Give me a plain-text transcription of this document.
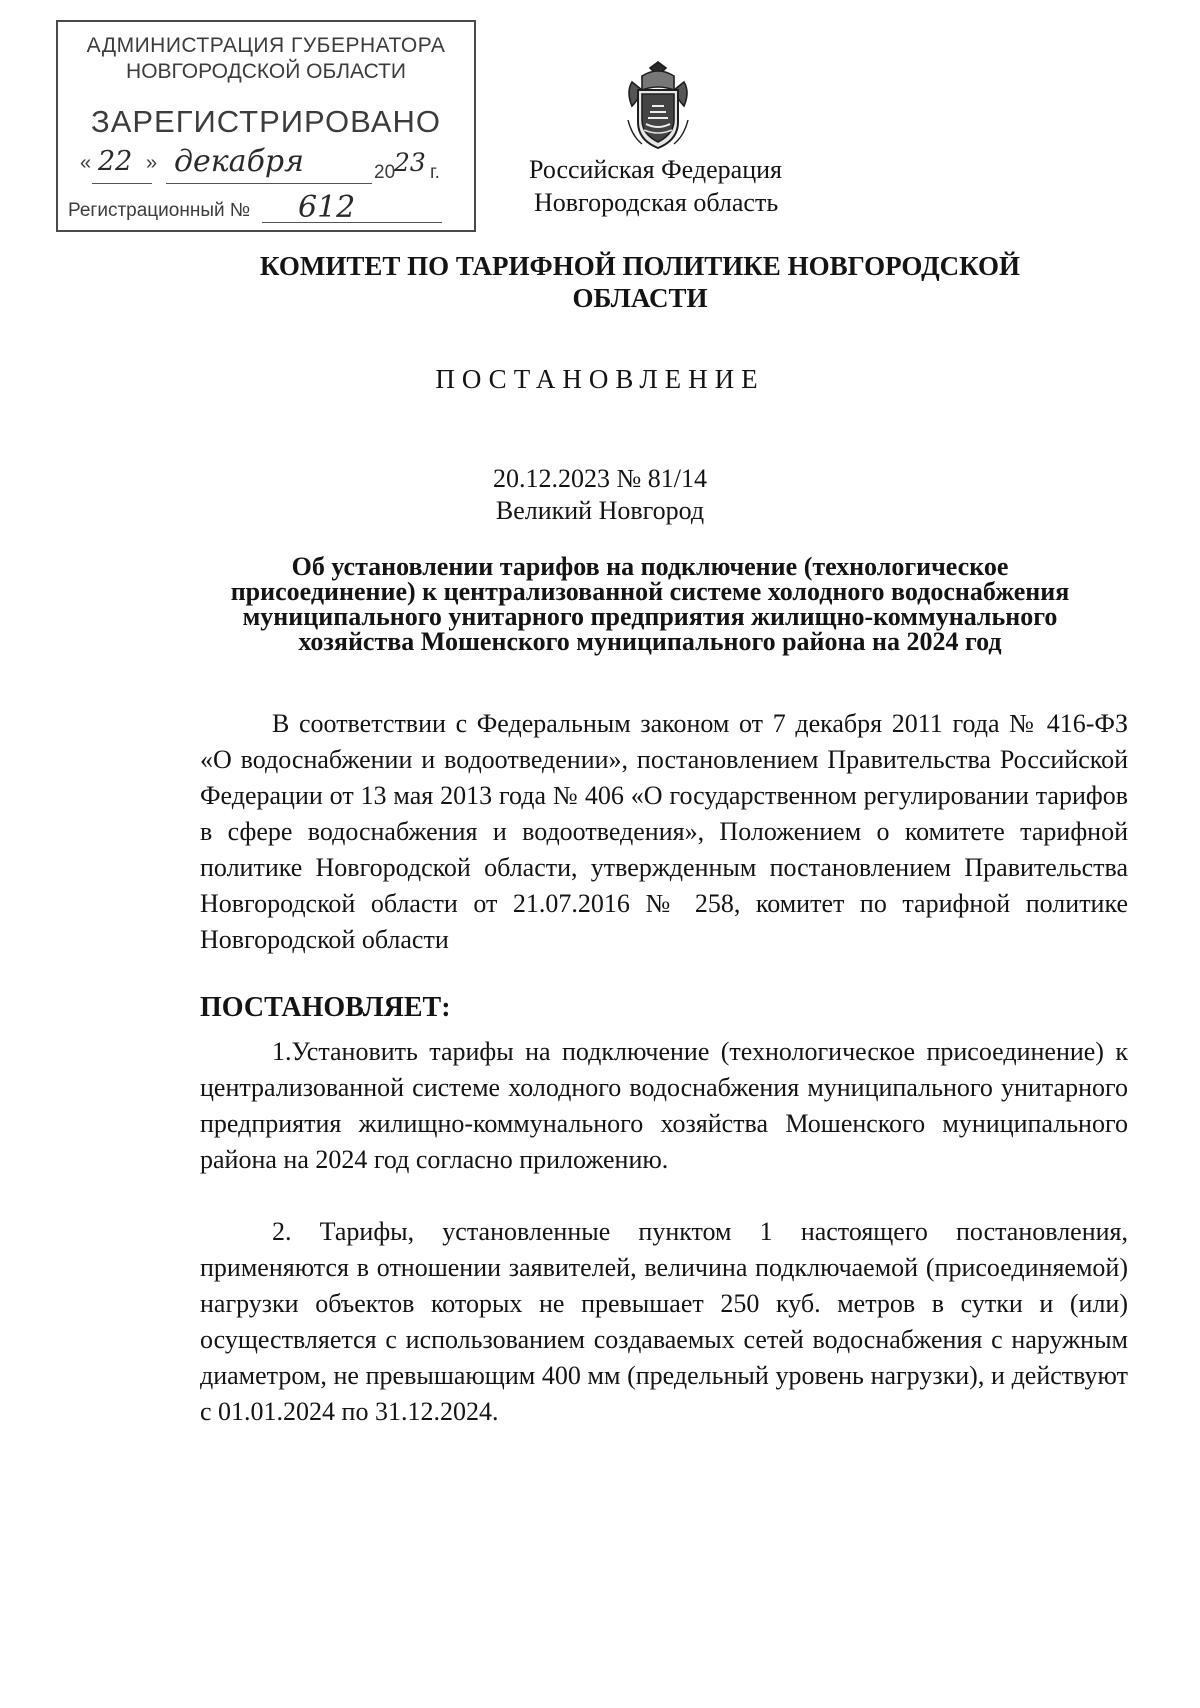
АДМИНИСТРАЦИЯ ГУБЕРНАТОРА
НОВГОРОДСКОЙ ОБЛАСТИ
ЗАРЕГИСТРИРОВАНО
« 22 » декабря	20
23 г.
Регистрационный № 612
Российская Федерация
Новгородская область
КОМИТЕТ ПО ТАРИФНОЙ ПОЛИТИКЕ НОВГОРОДСКОЙ ОБЛАСТИ
ПОСТАНОВЛЕНИЕ
20.12.2023 № 81/14
Великий Новгород
Об установлении тарифов на подключение (технологическое присоединение) к централизованной системе холодного водоснабжения муниципального унитарного предприятия жилищно-коммунального хозяйства Мошенского муниципального района на 2024 год
В соответствии с Федеральным законом от 7 декабря 2011 года № 416-ФЗ «О водоснабжении и водоотведении», постановлением Правительства Российской Федерации от 13 мая 2013 года № 406 «О государственном регулировании тарифов в сфере водоснабжения и водоотведения», Положением о комитете тарифной политике Новгородской области, утвержденным постановлением Правительства Новгородской области от 21.07.2016 № 258, комитет по тарифной политике Новгородской области
ПОСТАНОВЛЯЕТ:
1.Установить тарифы на подключение (технологическое присоединение) к централизованной системе холодного водоснабжения муниципального унитарного предприятия жилищно-коммунального хозяйства Мошенского муниципального района на 2024 год согласно приложению.
2. Тарифы, установленные пунктом 1 настоящего постановления, применяются в отношении заявителей, величина подключаемой (присоединяемой) нагрузки объектов которых не превышает 250 куб. метров в сутки и (или) осуществляется с использованием создаваемых сетей водоснабжения с наружным диаметром, не превышающим 400 мм (предельный уровень нагрузки), и действуют с 01.01.2024 по 31.12.2024.
